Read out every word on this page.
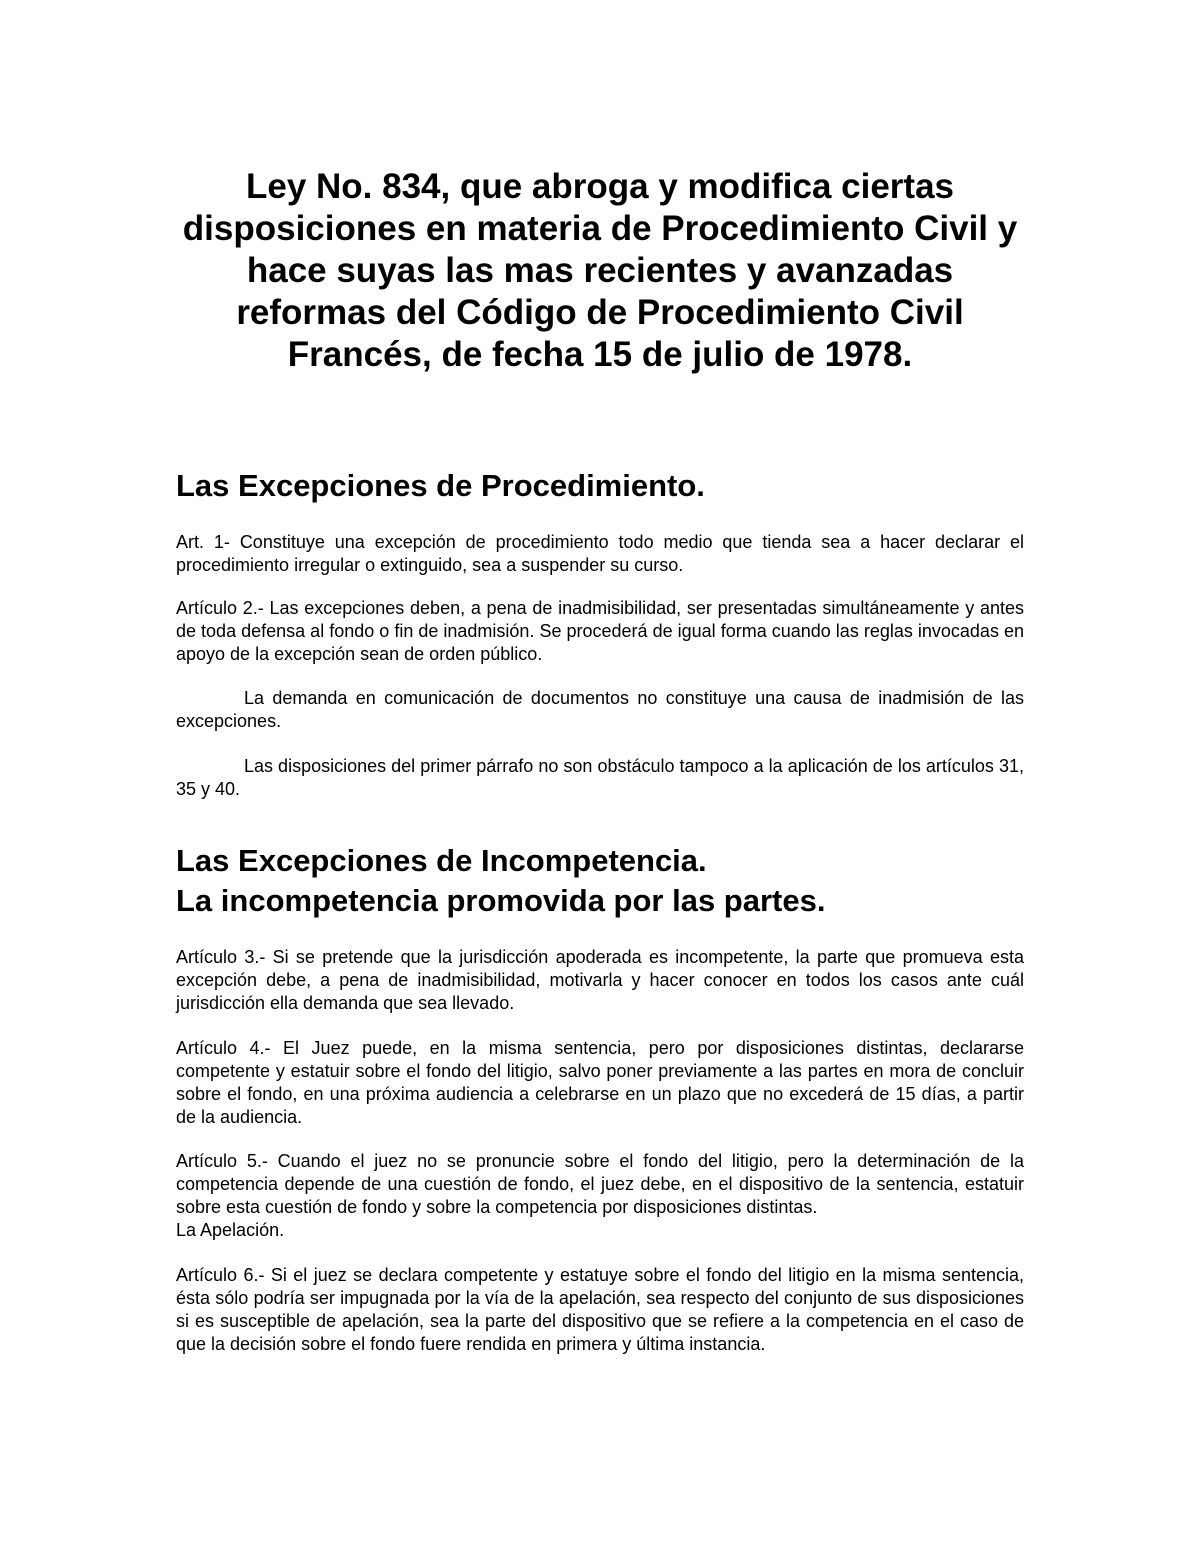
Ley No. 834, que abroga y modifica ciertas
disposiciones en materia de Procedimiento Civil y
hace suyas las mas recientes y avanzadas
reformas del Código de Procedimiento Civil
Francés, de fecha 15 de julio de 1978.
Las Excepciones de Procedimiento.

Art. 1- Constituye una excepción de procedimiento todo medio que tienda sea a hacer declarar el procedimiento irregular o extinguido, sea a suspender su curso.

Artículo 2.- Las excepciones deben, a pena de inadmisibilidad, ser presentadas simultáneamente y antes de toda defensa al fondo o fin de inadmisión. Se procederá de igual forma cuando las reglas invocadas en apoyo de la excepción sean de orden público.

La demanda en comunicación de documentos no constituye una causa de inadmisión de las excepciones.

Las disposiciones del primer párrafo no son obstáculo tampoco a la aplicación de los artículos 31, 35 y 40.

Las Excepciones de Incompetencia.
La incompetencia promovida por las partes.

Artículo 3.- Si se pretende que la jurisdicción apoderada es incompetente, la parte que promueva esta excepción debe, a pena de inadmisibilidad, motivarla y hacer conocer en todos los casos ante cuál jurisdicción ella demanda que sea llevado.

Artículo 4.- El Juez puede, en la misma sentencia, pero por disposiciones distintas, declararse competente y estatuir sobre el fondo del litigio, salvo poner previamente a las partes en mora de concluir sobre el fondo, en una próxima audiencia a celebrarse en un plazo que no excederá de 15 días, a partir de la audiencia.

Artículo 5.- Cuando el juez no se pronuncie sobre el fondo del litigio, pero la determinación de la competencia depende de una cuestión de fondo, el juez debe, en el dispositivo de la sentencia, estatuir sobre esta cuestión de fondo y sobre la competencia por disposiciones distintas.

La Apelación.

Artículo 6.- Si el juez se declara competente y estatuye sobre el fondo del litigio en la misma sentencia, ésta sólo podría ser impugnada por la vía de la apelación, sea respecto del conjunto de sus disposiciones si es susceptible de apelación, sea la parte del dispositivo que se refiere a la competencia en el caso de que la decisión sobre el fondo fuere rendida en primera y última instancia.
